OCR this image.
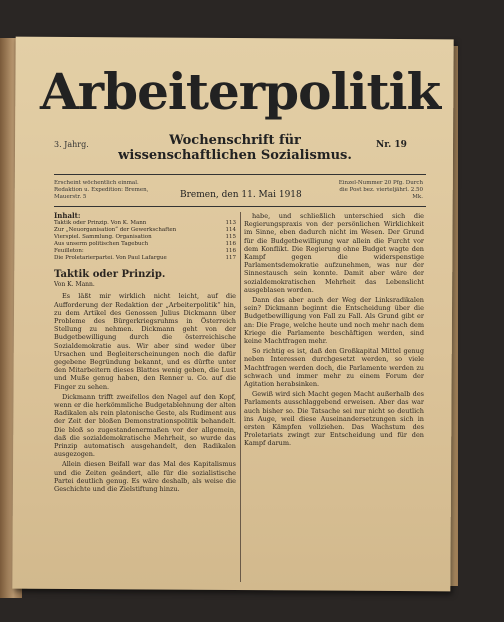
Arbeiterpolitik
3. Jahrg.	Wochenschrift für wissenschaftlichen Sozialismus.
Nr. 19
Erscheint wöchentlich einmal. Redaktion u. Expedition: Bremen, Mauerstr. 5	Bremen, den 11. Mai 1918
Einzel-Nummer 20 Pfg. Durch die Post bez. vierteljährl. 2.50 Mk.
Inhalt:
Taktik oder Prinzip. Von K. Mann	113
Zur „Neuorganisation“ der Gewerkschaften	114
Vierspiel. Sammlung. Organisation	115
Aus unserm politischen Tagebuch	116
Feuilleton:	116
Die Proletarierpartei. Von Paul Lafargue	117
Taktik oder Prinzip.
Von K. Mann.

Es läßt mir wirklich nicht leicht, auf die Aufforderung der Redaktion der „Arbeiterpolitik“ hin, zu dem Artikel des Genossen Julius Dickmann über Probleme des Bürgerkriegsruhms in Österreich Stellung zu nehmen. Dickmann geht von der Budgetbewilligung durch die österreichische Sozialdemokratie aus. Wir aber sind weder über Ursachen und Begleiterscheinungen noch die dafür gegebene Begründung bekannt, und es dürfte unter den Mitarbeitern dieses Blattes wenig geben, die Lust und Muße genug haben, den Renner u. Co. auf die Finger zu sehen.

Dickmann trifft zweifellos den Nagel auf den Kopf, wenn er die herkömmliche Budgetablehnung der alten Radikalen als rein platonische Geste, als Rudiment aus der Zeit der bloßen Demonstrationspolitik behandelt. Die bloß so zugestandenermaßen vor der allgemein, daß die sozialdemokratische Mehrheit, so wurde das Prinzip automatisch ausgehandelt, den Radikalen ausgezogen.

Allein diesen Beifall war das Mal des Kapitalismus und die Zeiten geändert, alle für die sozialistische Partei deutlich genug. Es wäre deshalb, als weise die Geschichte und die Zielstiftung hinzu.

habe, und schließlich unterschied sich die Regierungspraxis von der persönlichen Wirklichkeit im Sinne, eben dadurch nicht im Wesen. Der Grund für die Budgetbewilligung war allein die Furcht vor dem Konflikt. Die Regierung ohne Budget wagte den Kampf gegen die widerspenstige Parlamentsdemokratie aufzunehmen, was nur der Sinnestausch sein konnte. Damit aber wäre der sozialdemokratischen Mehrheit das Lebenslicht ausgeblasen worden.

Dann das aber auch der Weg der Linksradikalen sein? Dickmann beginnt die Entscheidung über die Budgetbewilligung von Fall zu Fall. Als Grund gibt er an: Die Frage, welche heute und noch mehr nach dem Kriege die Parlamente beschäftigen werden, sind keine Machtfragen mehr.

So richtig es ist, daß den Großkapital Mittel genug neben Interessen durchgesetzt werden, so viele Machtfragen werden doch, die Parlamente werden zu schwach und immer mehr zu einem Forum der Agitation herabsinken.

Gewiß wird sich Macht gegen Macht außerhalb des Parlaments ausschlaggebend erweisen. Aber das war auch bisher so. Die Tatsache sei nur nicht so deutlich ins Auge, weil diese Auseinandersetzungen sich in ersten Kämpfen vollziehen. Das Wachstum des Proletariats zwingt zur Entscheidung und für den Kampf darum.
